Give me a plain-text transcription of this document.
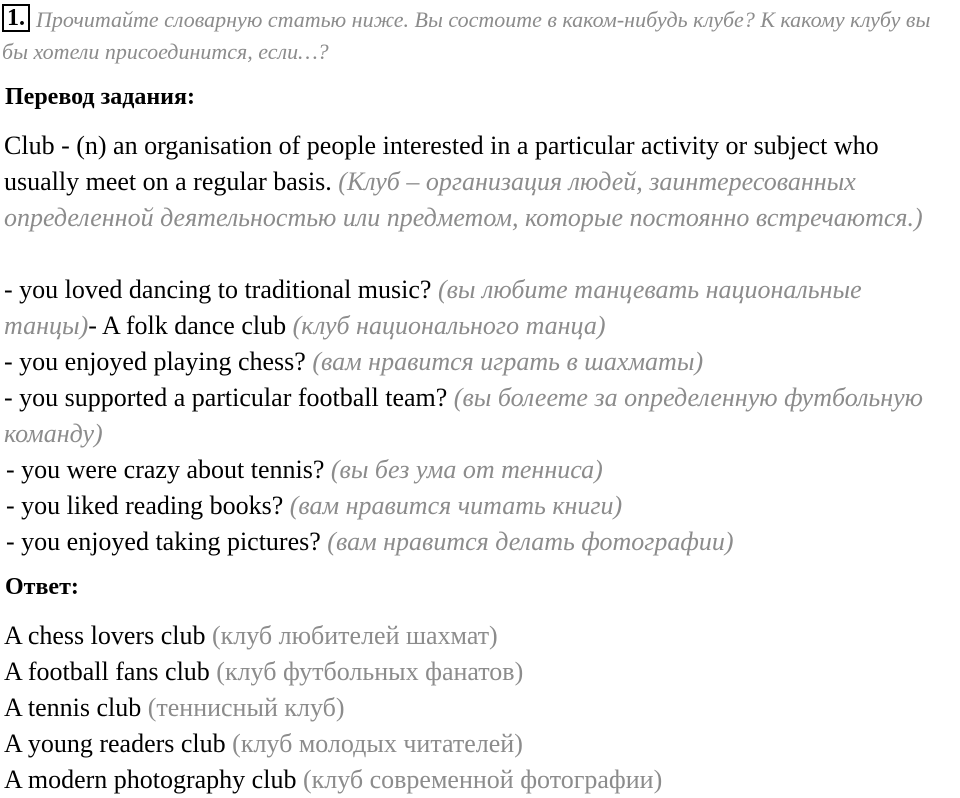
1. Прочитайте словарную статью ниже. Вы состоите в каком-нибудь клубе? К какому клубу вы бы хотели присоединится, если…?
Перевод задания:
Club - (n) an organisation of people interested in a particular activity or subject who usually meet on a regular basis. (Клуб – организация людей, заинтересованных определенной деятельностью или предметом, которые постоянно встречаются.)
- you loved dancing to traditional music? (вы любите танцевать национальные танцы)- A folk dance club (клуб национального танца)
- you enjoyed playing chess? (вам нравится играть в шахматы)
- you supported a particular football team? (вы болеете за определенную футбольную команду)
- you were crazy about tennis? (вы без ума от тенниса)
- you liked reading books? (вам нравится читать книги)
- you enjoyed taking pictures? (вам нравится делать фотографии)
Ответ:
A chess lovers club (клуб любителей шахмат)
A football fans club (клуб футбольных фанатов)
A tennis club (теннисный клуб)
A young readers club (клуб молодых читателей)
A modern photography club (клуб современной фотографии)
